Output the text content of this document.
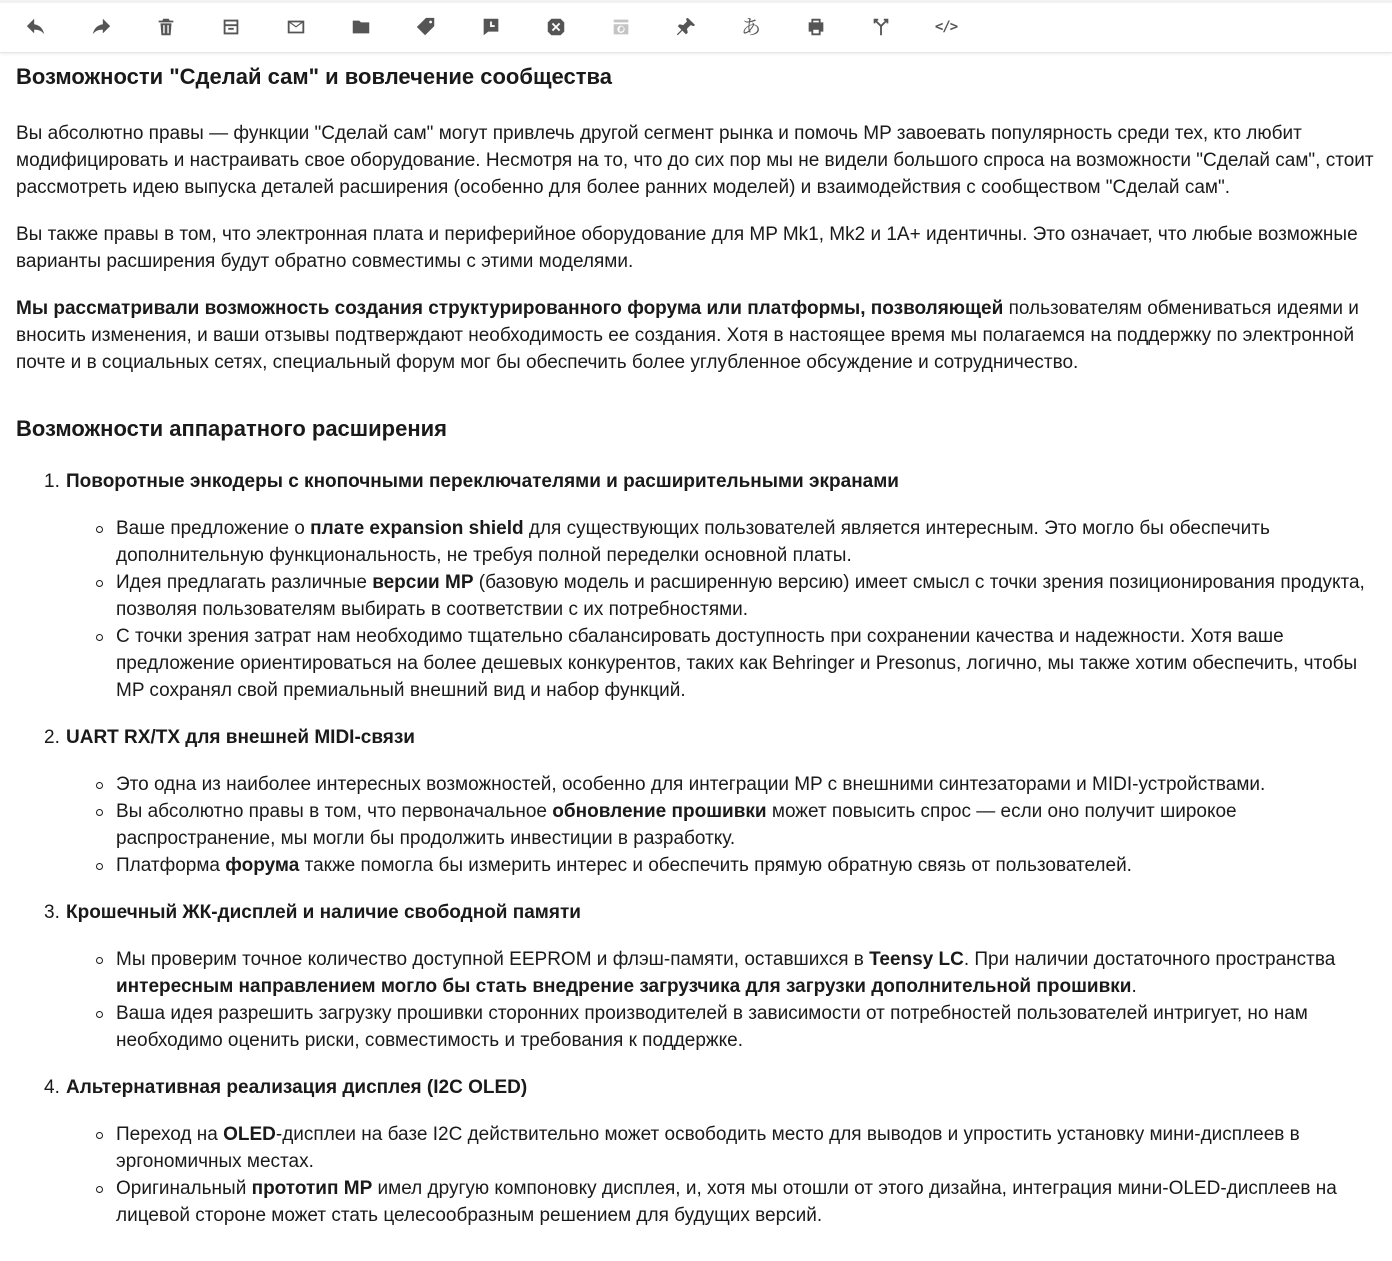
あ	</>
Возможности "Сделай сам" и вовлечение сообщества

Вы абсолютно правы — функции "Сделай сам" могут привлечь другой сегмент рынка и помочь MP завоевать популярность среди тех, кто любит модифицировать и настраивать свое оборудование. Несмотря на то, что до сих пор мы не видели большого спроса на возможности "Сделай сам", стоит рассмотреть идею выпуска деталей расширения (особенно для более ранних моделей) и взаимодействия с сообществом "Сделай сам".

Вы также правы в том, что электронная плата и периферийное оборудование для MP Mk1, Mk2 и 1A+ идентичны. Это означает, что любые возможные варианты расширения будут обратно совместимы с этими моделями.

Мы рассматривали возможность создания структурированного форума или платформы, позволяющей пользователям обмениваться идеями и вносить изменения, и ваши отзывы подтверждают необходимость ее создания. Хотя в настоящее время мы полагаемся на поддержку по электронной почте и в социальных сетях, специальный форум мог бы обеспечить более углубленное обсуждение и сотрудничество.

Возможности аппаратного расширения
1. Поворотные энкодеры с кнопочными переключателями и расширительными экранами
Ваше предложение о плате expansion shield для существующих пользователей является интересным. Это могло бы обеспечить дополнительную функциональность, не требуя полной переделки основной платы.
Идея предлагать различные версии MP (базовую модель и расширенную версию) имеет смысл с точки зрения позиционирования продукта, позволяя пользователям выбирать в соответствии с их потребностями.
С точки зрения затрат нам необходимо тщательно сбалансировать доступность при сохранении качества и надежности. Хотя ваше предложение ориентироваться на более дешевых конкурентов, таких как Behringer и Presonus, логично, мы также хотим обеспечить, чтобы MP сохранял свой премиальный внешний вид и набор функций.
2. UART RX/TX для внешней MIDI-связи
Это одна из наиболее интересных возможностей, особенно для интеграции MP с внешними синтезаторами и MIDI-устройствами.
Вы абсолютно правы в том, что первоначальное обновление прошивки может повысить спрос — если оно получит широкое распространение, мы могли бы продолжить инвестиции в разработку.
Платформа форума также помогла бы измерить интерес и обеспечить прямую обратную связь от пользователей.
3. Крошечный ЖК-дисплей и наличие свободной памяти
Мы проверим точное количество доступной EEPROM и флэш-памяти, оставшихся в Teensy LC. При наличии достаточного пространства интересным направлением могло бы стать внедрение загрузчика для загрузки дополнительной прошивки.
Ваша идея разрешить загрузку прошивки сторонних производителей в зависимости от потребностей пользователей интригует, но нам необходимо оценить риски, совместимость и требования к поддержке.
4. Альтернативная реализация дисплея (I2C OLED)
Переход на OLED-дисплеи на базе I2C действительно может освободить место для выводов и упростить установку мини-дисплеев в эргономичных местах.
Оригинальный прототип MP имел другую компоновку дисплея, и, хотя мы отошли от этого дизайна, интеграция мини-OLED-дисплеев на лицевой стороне может стать целесообразным решением для будущих версий.
